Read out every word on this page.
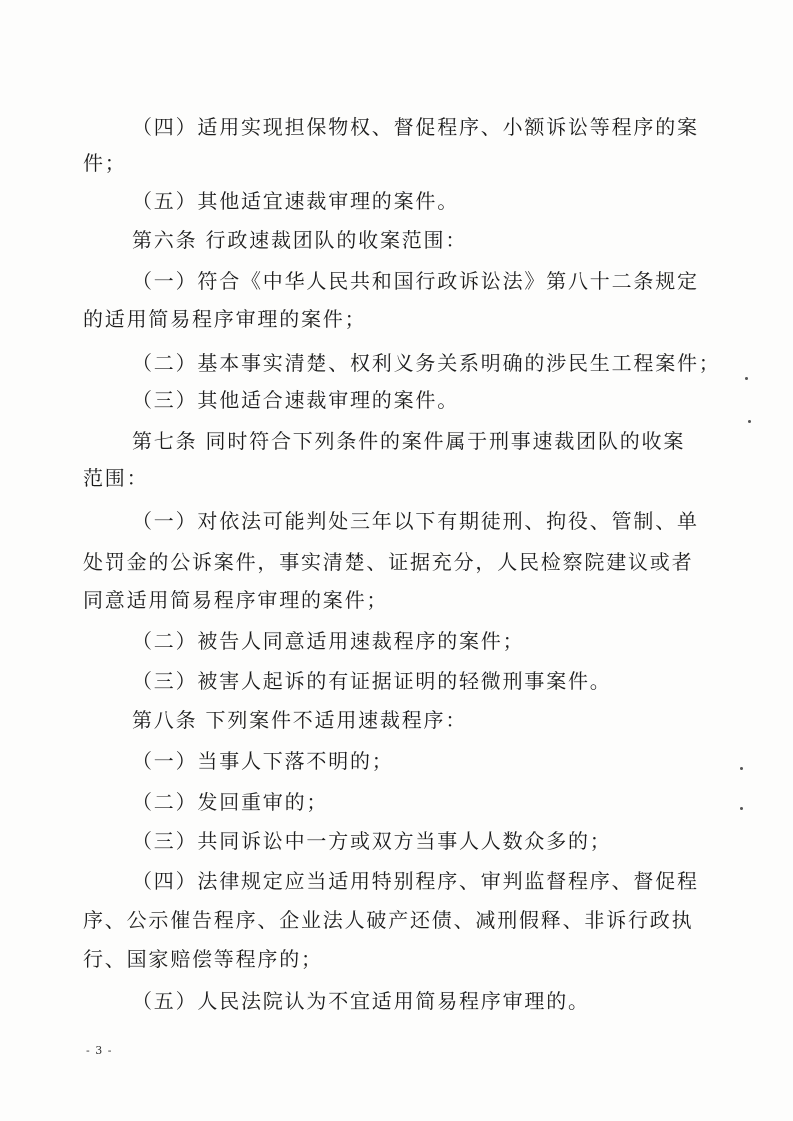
（四）适用实现担保物权、督促程序、小额诉讼等程序的案
件；
（五）其他适宜速裁审理的案件。
第六条 行政速裁团队的收案范围：
（一）符合《中华人民共和国行政诉讼法》第八十二条规定
的适用简易程序审理的案件；
（二）基本事实清楚、权利义务关系明确的涉民生工程案件；
（三）其他适合速裁审理的案件。
第七条 同时符合下列条件的案件属于刑事速裁团队的收案
范围：
（一）对依法可能判处三年以下有期徒刑、拘役、管制、单
处罚金的公诉案件，事实清楚、证据充分，人民检察院建议或者
同意适用简易程序审理的案件；
（二）被告人同意适用速裁程序的案件；
（三）被害人起诉的有证据证明的轻微刑事案件。
第八条 下列案件不适用速裁程序：
（一）当事人下落不明的；
（二）发回重审的；
（三）共同诉讼中一方或双方当事人人数众多的；
（四）法律规定应当适用特别程序、审判监督程序、督促程
序、公示催告程序、企业法人破产还债、减刑假释、非诉行政执
行、国家赔偿等程序的；
（五）人民法院认为不宜适用简易程序审理的。
- 3 -
